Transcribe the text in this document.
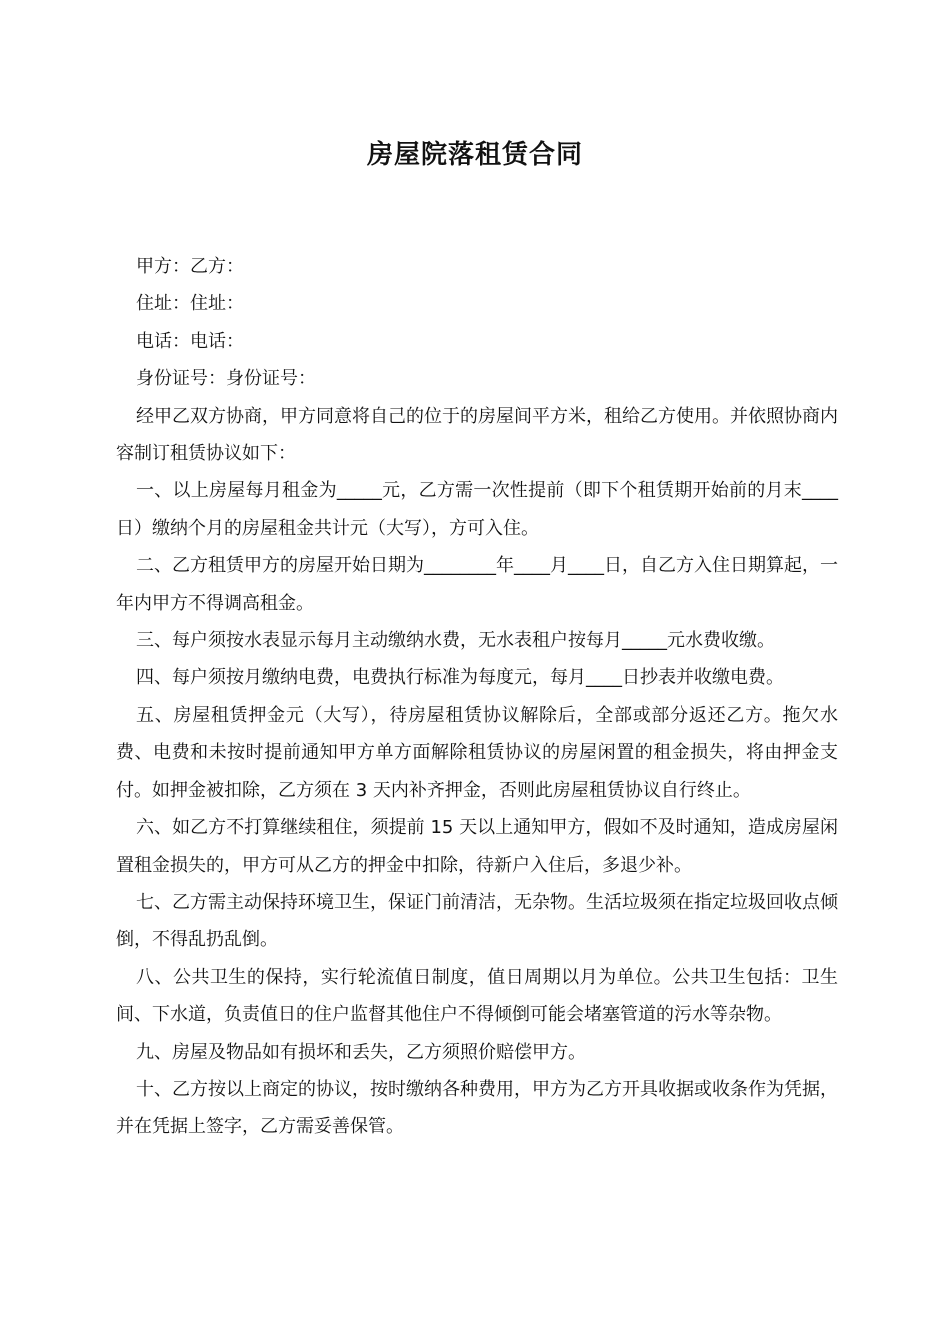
房屋院落租赁合同

甲方：乙方：

住址：住址：

电话：电话：

身份证号：身份证号：

经甲乙双方协商，甲方同意将自己的位于的房屋间平方米，租给乙方使用。并依照协商内容制订租赁协议如下：

一、以上房屋每月租金为_____元，乙方需一次性提前（即下个租赁期开始前的月末____日）缴纳个月的房屋租金共计元（大写），方可入住。

二、乙方租赁甲方的房屋开始日期为________年____月____日，自乙方入住日期算起，一年内甲方不得调高租金。

三、每户须按水表显示每月主动缴纳水费，无水表租户按每月_____元水费收缴。

四、每户须按月缴纳电费，电费执行标准为每度元，每月____日抄表并收缴电费。

五、房屋租赁押金元（大写），待房屋租赁协议解除后，全部或部分返还乙方。拖欠水费、电费和未按时提前通知甲方单方面解除租赁协议的房屋闲置的租金损失，将由押金支付。如押金被扣除，乙方须在 3 天内补齐押金，否则此房屋租赁协议自行终止。

六、如乙方不打算继续租住，须提前 15 天以上通知甲方，假如不及时通知，造成房屋闲置租金损失的，甲方可从乙方的押金中扣除，待新户入住后，多退少补。

七、乙方需主动保持环境卫生，保证门前清洁，无杂物。生活垃圾须在指定垃圾回收点倾倒，不得乱扔乱倒。

八、公共卫生的保持，实行轮流值日制度，值日周期以月为单位。公共卫生包括：卫生间、下水道，负责值日的住户监督其他住户不得倾倒可能会堵塞管道的污水等杂物。

九、房屋及物品如有损坏和丢失，乙方须照价赔偿甲方。

十、乙方按以上商定的协议，按时缴纳各种费用，甲方为乙方开具收据或收条作为凭据，并在凭据上签字，乙方需妥善保管。
